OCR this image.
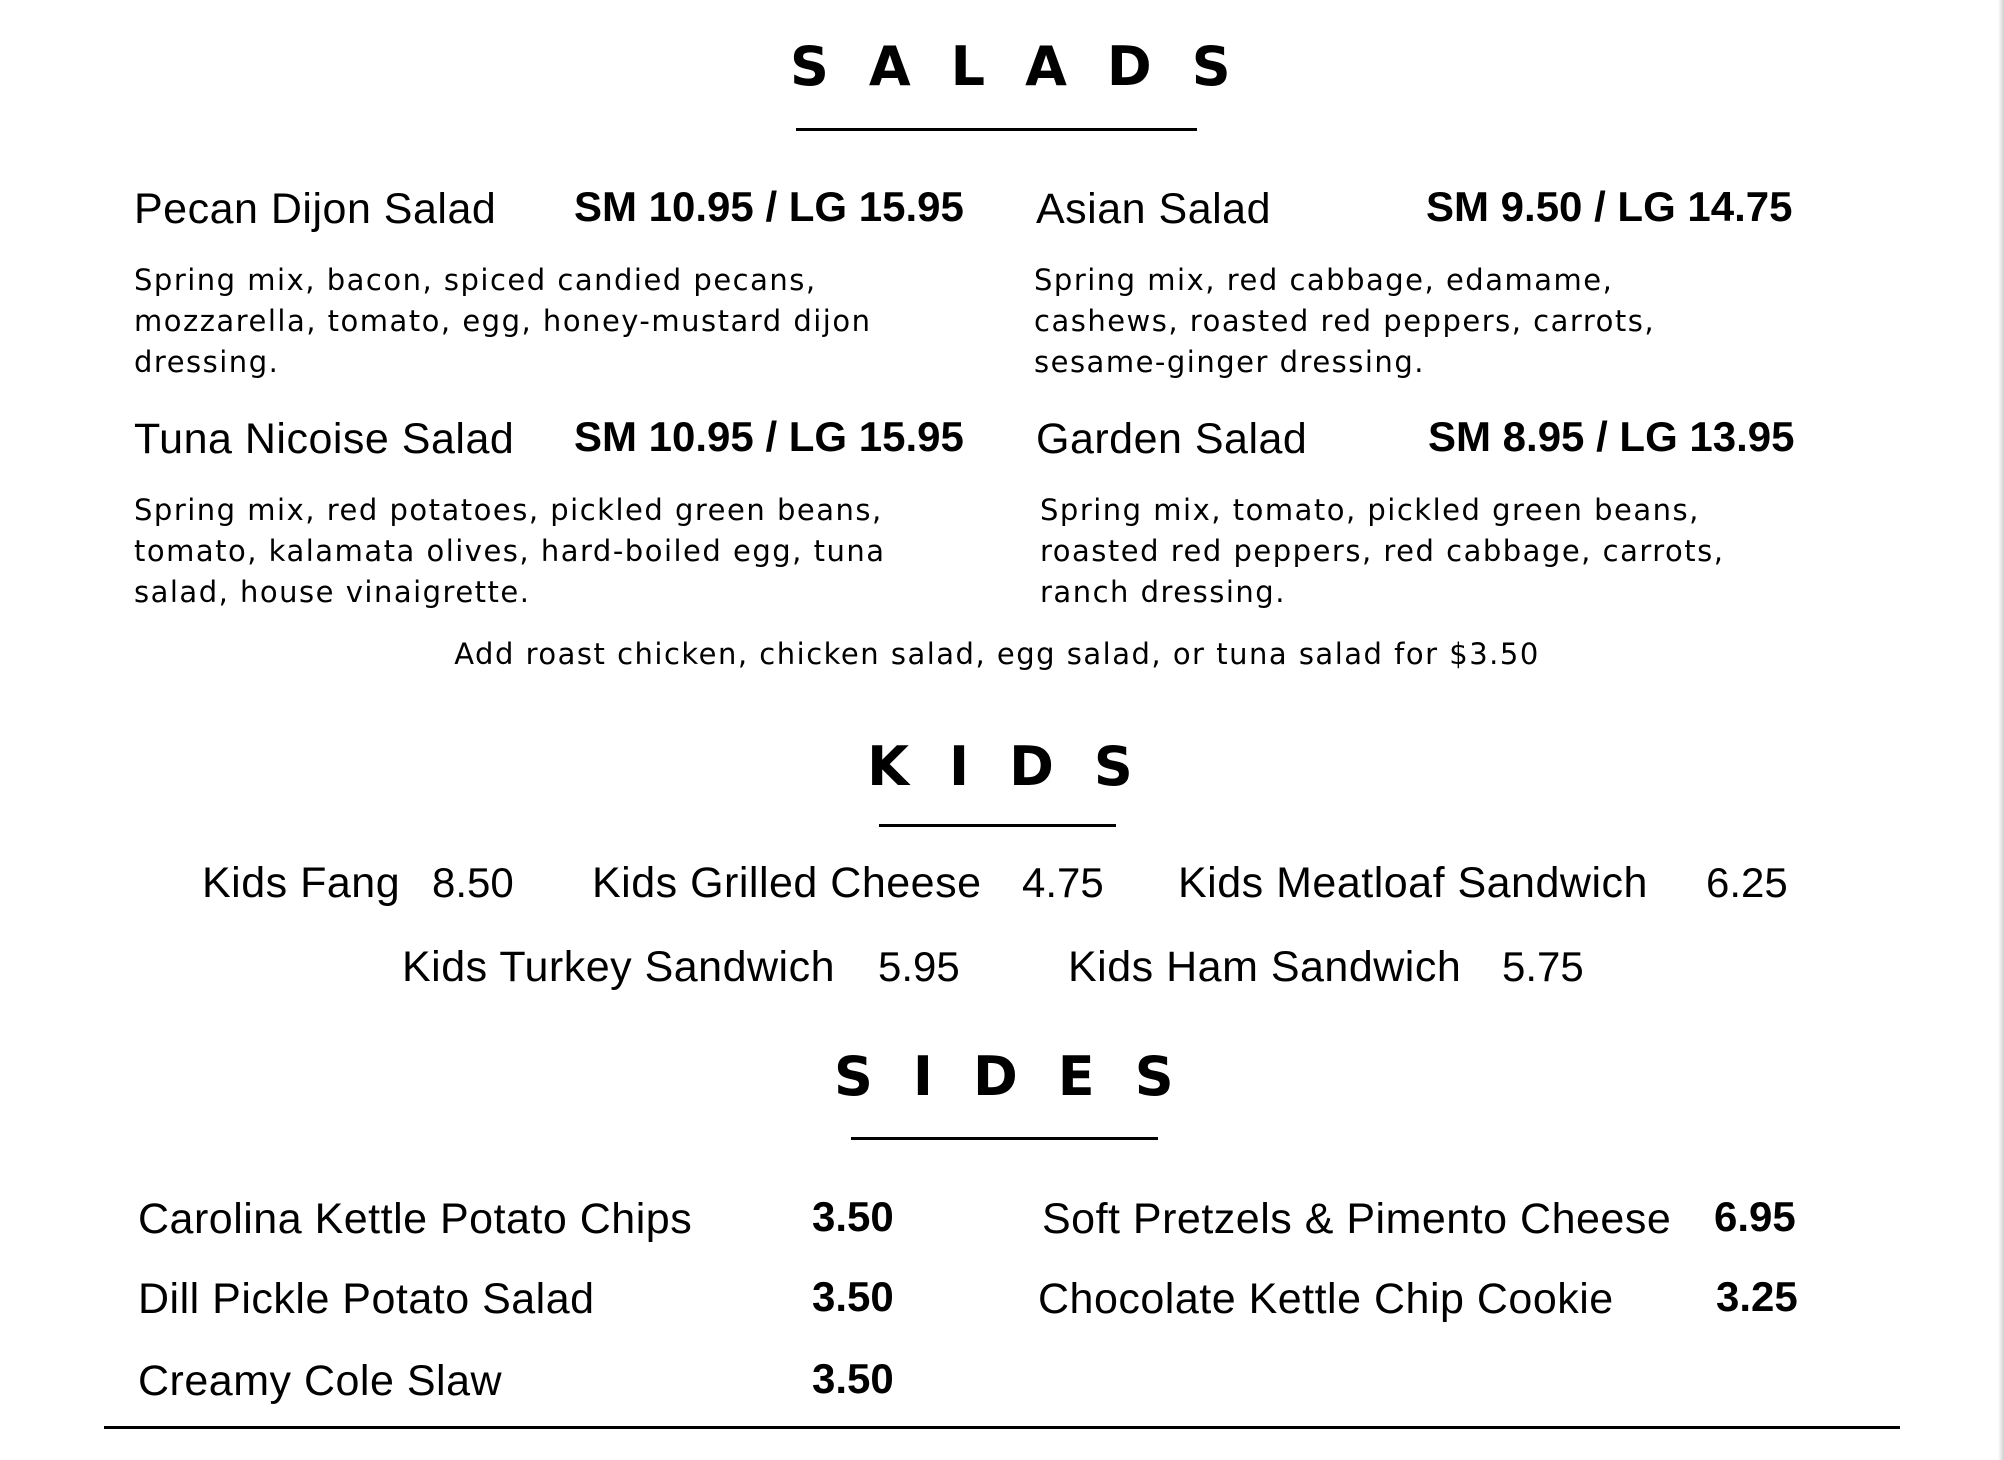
SALADS
Pecan Dijon Salad SM 10.95 / LG 15.95
Spring mix, bacon, spiced candied pecans, mozzarella, tomato, egg, honey-mustard dijon dressing.
Asian Salad	SM 9.50 / LG 14.75
Spring mix, red cabbage, edamame, cashews, roasted red peppers, carrots, sesame-ginger dressing.
Tuna Nicoise Salad SM 10.95 / LG 15.95
Spring mix, red potatoes, pickled green beans, tomato, kalamata olives, hard-boiled egg, tuna salad, house vinaigrette.
Garden Salad	SM 8.95 / LG 13.95
Spring mix, tomato, pickled green beans, roasted red peppers, red cabbage, carrots, ranch dressing.
Add roast chicken, chicken salad, egg salad, or tuna salad for $3.50
KIDS
Kids Fang 8.50 Kids Grilled Cheese 4.75 Kids Meatloaf Sandwich 6.25
Kids Turkey Sandwich 5.95	Kids Ham Sandwich 5.75
SIDES
Carolina Kettle Potato Chips	3.50	Soft Pretzels & Pimento Cheese 6.95
Dill Pickle Potato Salad	3.50	Chocolate Kettle Chip Cookie 3.25
Creamy Cole Slaw	3.50
